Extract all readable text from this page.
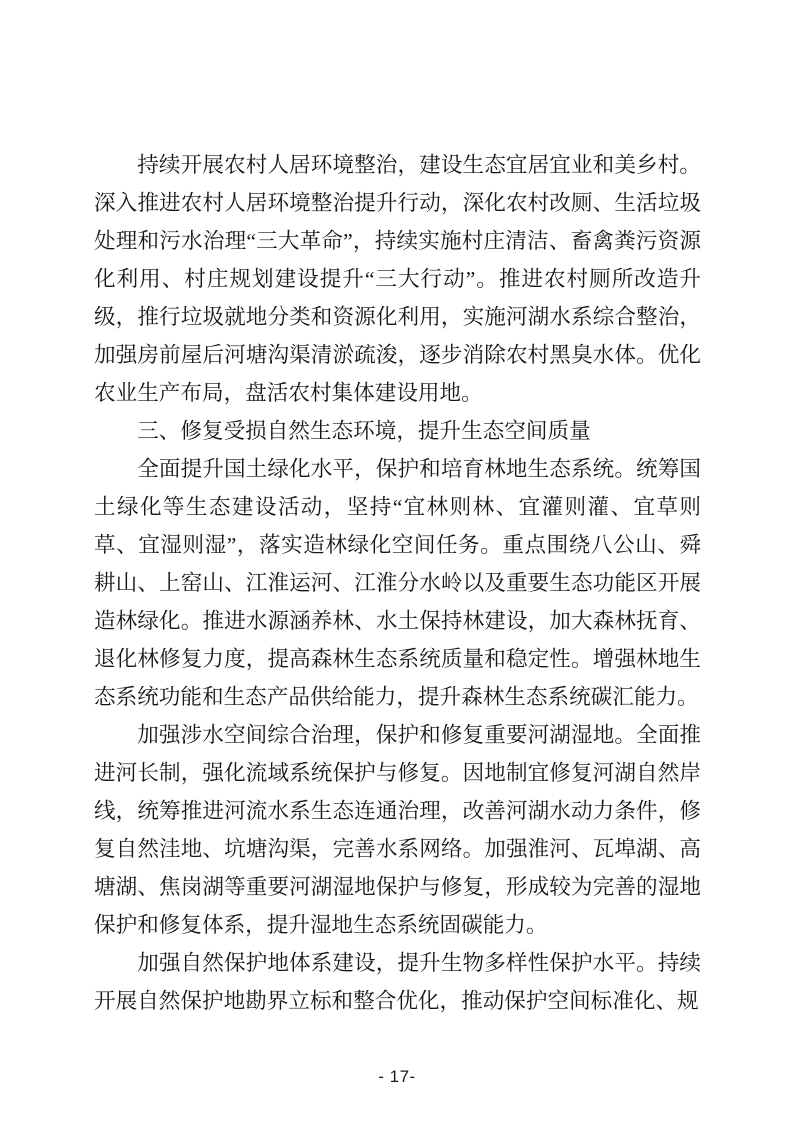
持续开展农村人居环境整治，建设生态宜居宜业和美乡村。深入推进农村人居环境整治提升行动，深化农村改厕、生活垃圾处理和污水治理“三大革命”，持续实施村庄清洁、畜禽粪污资源化利用、村庄规划建设提升“三大行动”。推进农村厕所改造升级，推行垃圾就地分类和资源化利用，实施河湖水系综合整治，加强房前屋后河塘沟渠清淤疏浚，逐步消除农村黑臭水体。优化农业生产布局，盘活农村集体建设用地。

三、修复受损自然生态环境，提升生态空间质量

全面提升国土绿化水平，保护和培育林地生态系统。统筹国土绿化等生态建设活动，坚持“宜林则林、宜灌则灌、宜草则草、宜湿则湿”，落实造林绿化空间任务。重点围绕八公山、舜耕山、上窑山、江淮运河、江淮分水岭以及重要生态功能区开展造林绿化。推进水源涵养林、水土保持林建设，加大森林抚育、退化林修复力度，提高森林生态系统质量和稳定性。增强林地生态系统功能和生态产品供给能力，提升森林生态系统碳汇能力。

加强涉水空间综合治理，保护和修复重要河湖湿地。全面推进河长制，强化流域系统保护与修复。因地制宜修复河湖自然岸线，统筹推进河流水系生态连通治理，改善河湖水动力条件，修复自然洼地、坑塘沟渠，完善水系网络。加强淮河、瓦埠湖、高塘湖、焦岗湖等重要河湖湿地保护与修复，形成较为完善的湿地保护和修复体系，提升湿地生态系统固碳能力。

加强自然保护地体系建设，提升生物多样性保护水平。持续开展自然保护地勘界立标和整合优化，推动保护空间标准化、规

- 17-
